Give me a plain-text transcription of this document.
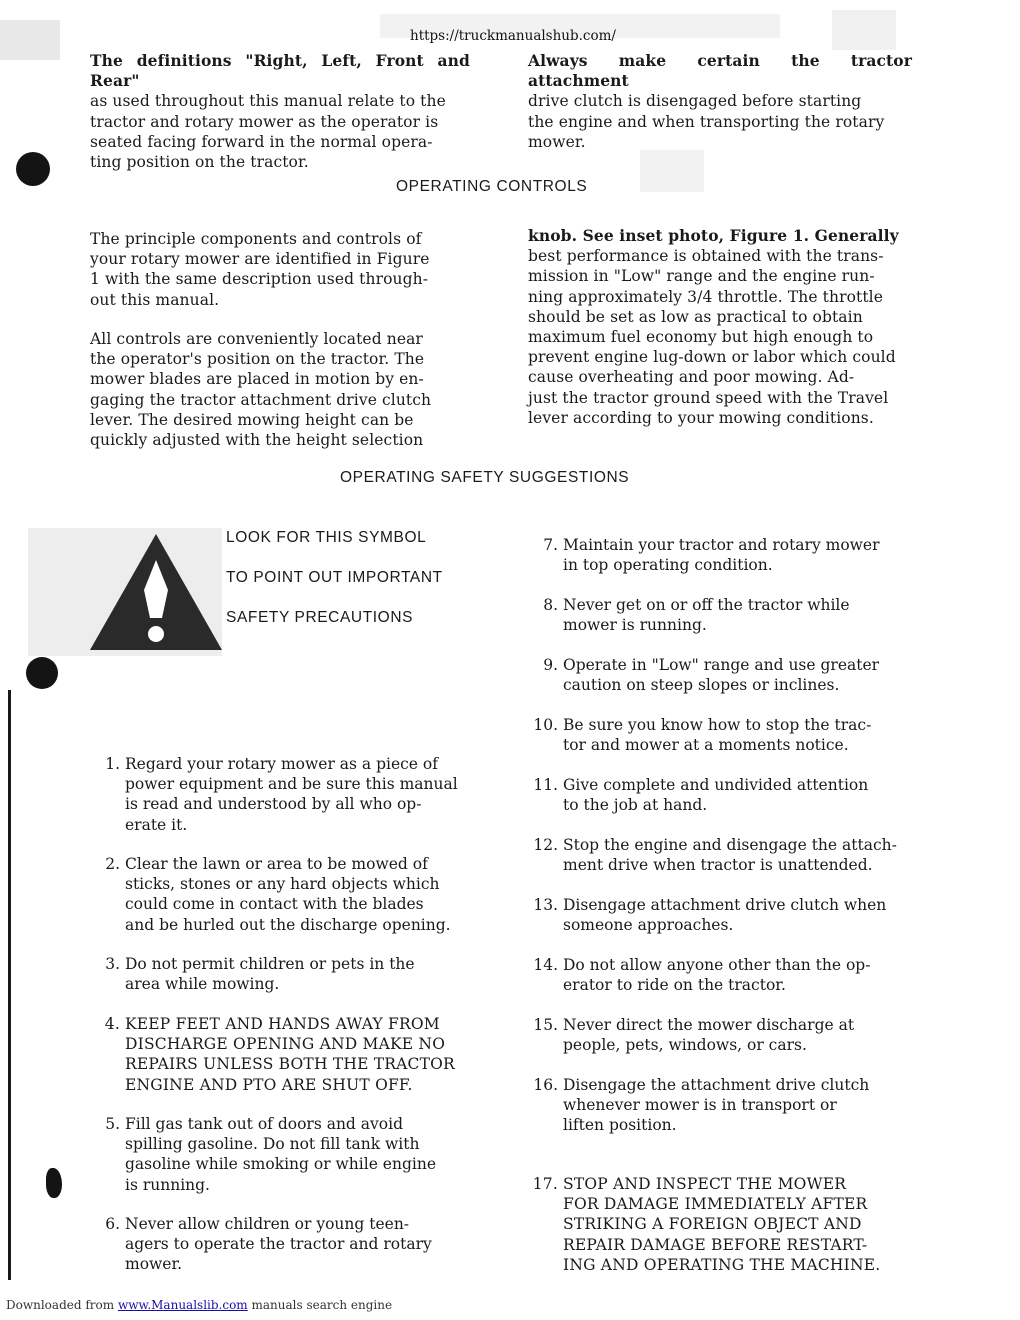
https://truckmanualshub.com/
The definitions "Right, Left, Front and Rear"
as used throughout this manual relate to the
tractor and rotary mower as the operator is
seated facing forward in the normal opera-
ting position on the tractor.
Always make certain the tractor attachment
drive clutch is disengaged before starting
the engine and when transporting the rotary
mower.
OPERATING CONTROLS
The principle components and controls of
your rotary mower are identified in Figure
1 with the same description used through-
out this manual.
All controls are conveniently located near
the operator's position on the tractor. The
mower blades are placed in motion by en-
gaging the tractor attachment drive clutch
lever. The desired mowing height can be
quickly adjusted with the height selection
knob. See inset photo, Figure 1. Generally
best performance is obtained with the trans-
mission in "Low" range and the engine run-
ning approximately 3/4 throttle. The throttle
should be set as low as practical to obtain
maximum fuel economy but high enough to
prevent engine lug-down or labor which could
cause overheating and poor mowing. Ad-
just the tractor ground speed with the Travel
lever according to your mowing conditions.
OPERATING SAFETY SUGGESTIONS
LOOK FOR THIS SYMBOL
TO POINT OUT IMPORTANT
SAFETY PRECAUTIONS
1. Regard your rotary mower as a piece of
power equipment and be sure this manual
is read and understood by all who op-
erate it.
2. Clear the lawn or area to be mowed of
sticks, stones or any hard objects which
could come in contact with the blades
and be hurled out the discharge opening.
3. Do not permit children or pets in the
area while mowing.
4. KEEP FEET AND HANDS AWAY FROM
DISCHARGE OPENING AND MAKE NO
REPAIRS UNLESS BOTH THE TRACTOR
ENGINE AND PTO ARE SHUT OFF.
5. Fill gas tank out of doors and avoid
spilling gasoline. Do not fill tank with
gasoline while smoking or while engine
is running.
6. Never allow children or young teen-
agers to operate the tractor and rotary
mower.
7. Maintain your tractor and rotary mower
in top operating condition.
8. Never get on or off the tractor while
mower is running.
9. Operate in "Low" range and use greater
caution on steep slopes or inclines.
10. Be sure you know how to stop the trac-
tor and mower at a moments notice.
11. Give complete and undivided attention
to the job at hand.
12. Stop the engine and disengage the attach-
ment drive when tractor is unattended.
13. Disengage attachment drive clutch when
someone approaches.
14. Do not allow anyone other than the op-
erator to ride on the tractor.
15. Never direct the mower discharge at
people, pets, windows, or cars.
16. Disengage the attachment drive clutch
whenever mower is in transport or
liften position.
17. STOP AND INSPECT THE MOWER
FOR DAMAGE IMMEDIATELY AFTER
STRIKING A FOREIGN OBJECT AND
REPAIR DAMAGE BEFORE RESTART-
ING AND OPERATING THE MACHINE.
Downloaded from www.Manualslib.com manuals search engine
